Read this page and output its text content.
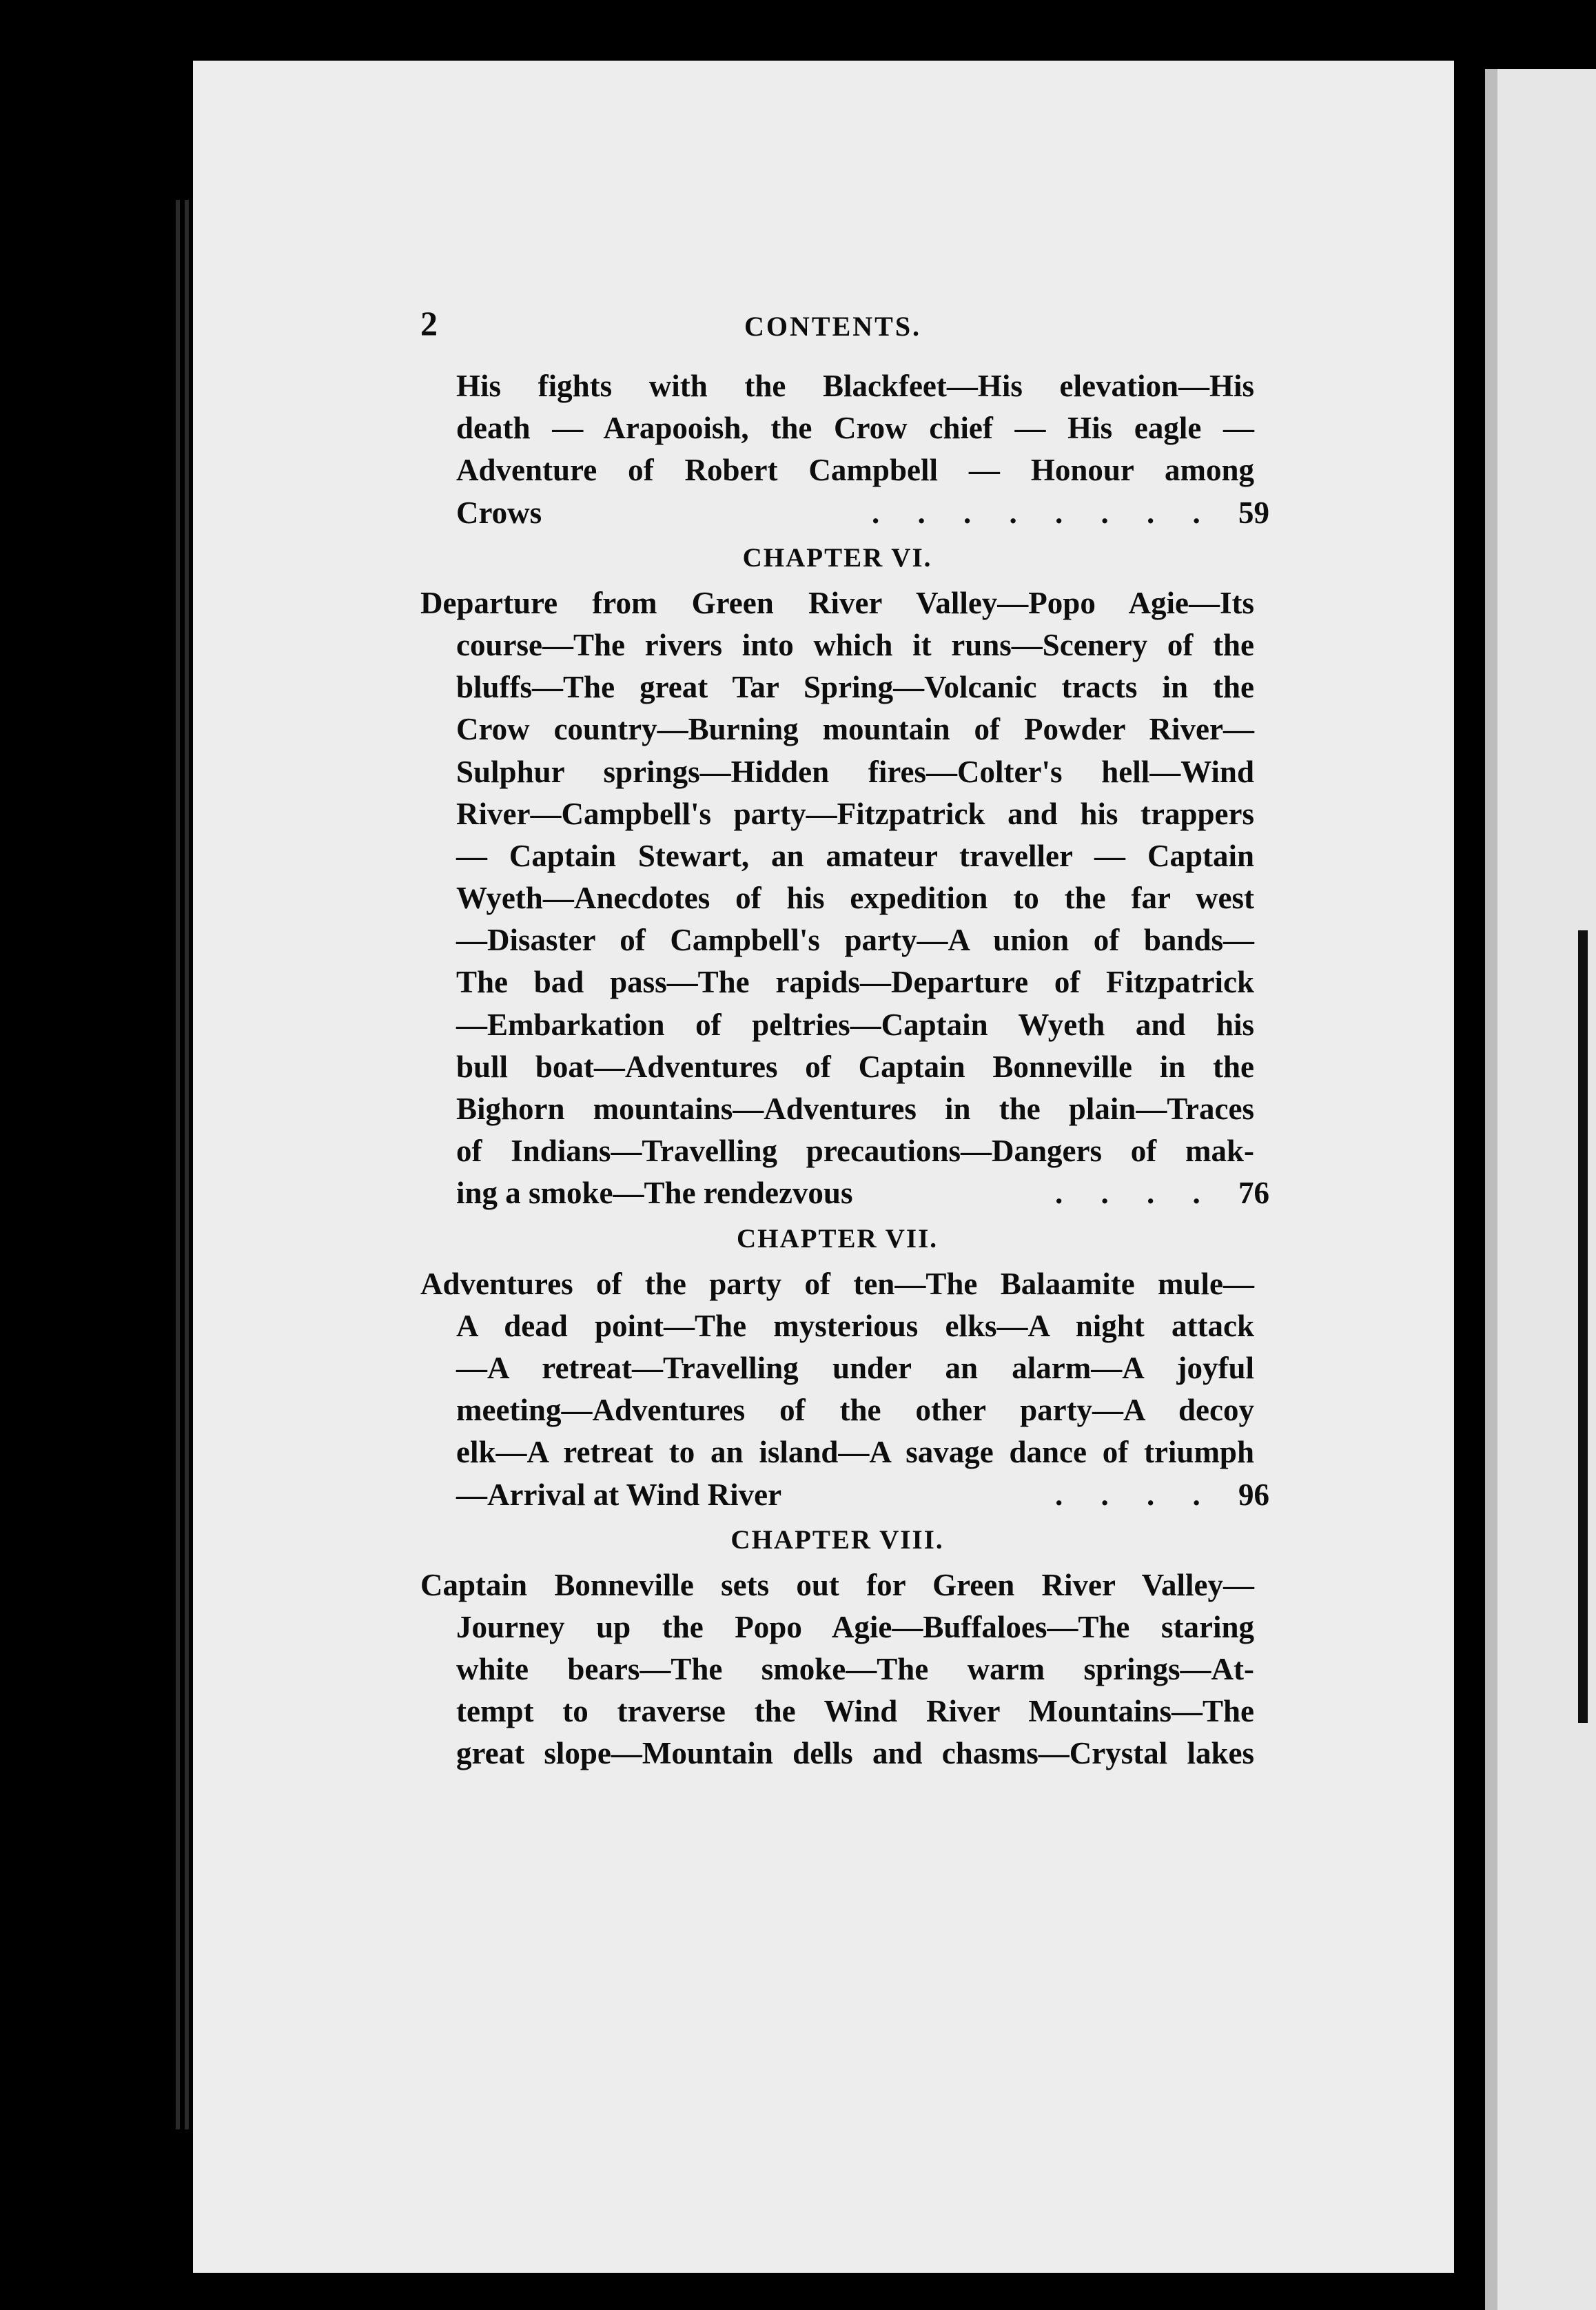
2	CONTENTS.
His fights with the Blackfeet—His elevation—His
death — Arapooish, the Crow chief — His eagle —
Adventure of Robert Campbell — Honour among
Crows	. . . . . . . . 59
CHAPTER VI.
Departure from Green River Valley—Popo Agie—Its
course—The rivers into which it runs—Scenery of the
bluffs—The great Tar Spring—Volcanic tracts in the
Crow country—Burning mountain of Powder River—
Sulphur springs—Hidden fires—Colter's hell—Wind
River—Campbell's party—Fitzpatrick and his trappers
— Captain Stewart, an amateur traveller — Captain
Wyeth—Anecdotes of his expedition to the far west
—Disaster of Campbell's party—A union of bands—
The bad pass—The rapids—Departure of Fitzpatrick
—Embarkation of peltries—Captain Wyeth and his
bull boat—Adventures of Captain Bonneville in the
Bighorn mountains—Adventures in the plain—Traces
of Indians—Travelling precautions—Dangers of mak-
ing a smoke—The rendezvous	. . . . 76
CHAPTER VII.
Adventures of the party of ten—The Balaamite mule—
A dead point—The mysterious elks—A night attack
—A retreat—Travelling under an alarm—A joyful
meeting—Adventures of the other party—A decoy
elk—A retreat to an island—A savage dance of triumph
—Arrival at Wind River	. . . . 96
CHAPTER VIII.
Captain Bonneville sets out for Green River Valley—
Journey up the Popo Agie—Buffaloes—The staring
white bears—The smoke—The warm springs—At-
tempt to traverse the Wind River Mountains—The
great slope—Mountain dells and chasms—Crystal lakes
